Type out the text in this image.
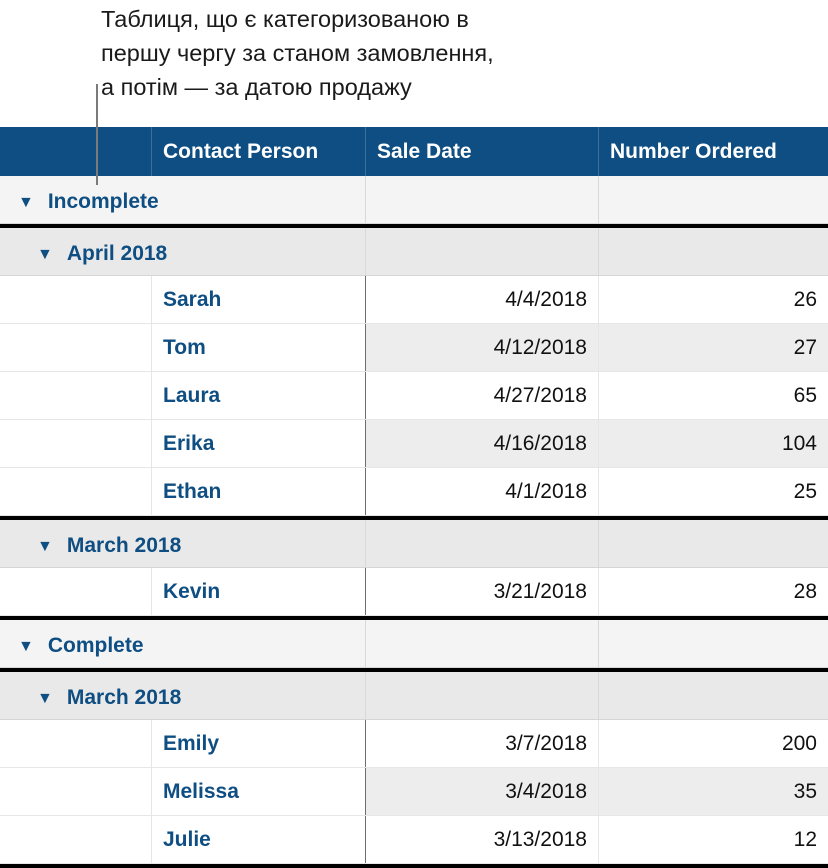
Таблиця, що є категоризованою в
першу чергу за станом замовлення,
а потім — за датою продажу
Contact Person	Sale Date	Number Ordered
▼ Incomplete
▼ April 2018
Sarah	4/4/2018	26
Tom	4/12/2018	27
Laura	4/27/2018	65
Erika	4/16/2018	104
Ethan	4/1/2018	25
▼ March 2018
Kevin	3/21/2018	28
▼ Complete
▼ March 2018
Emily	3/7/2018	200
Melissa	3/4/2018	35
Julie	3/13/2018	12
